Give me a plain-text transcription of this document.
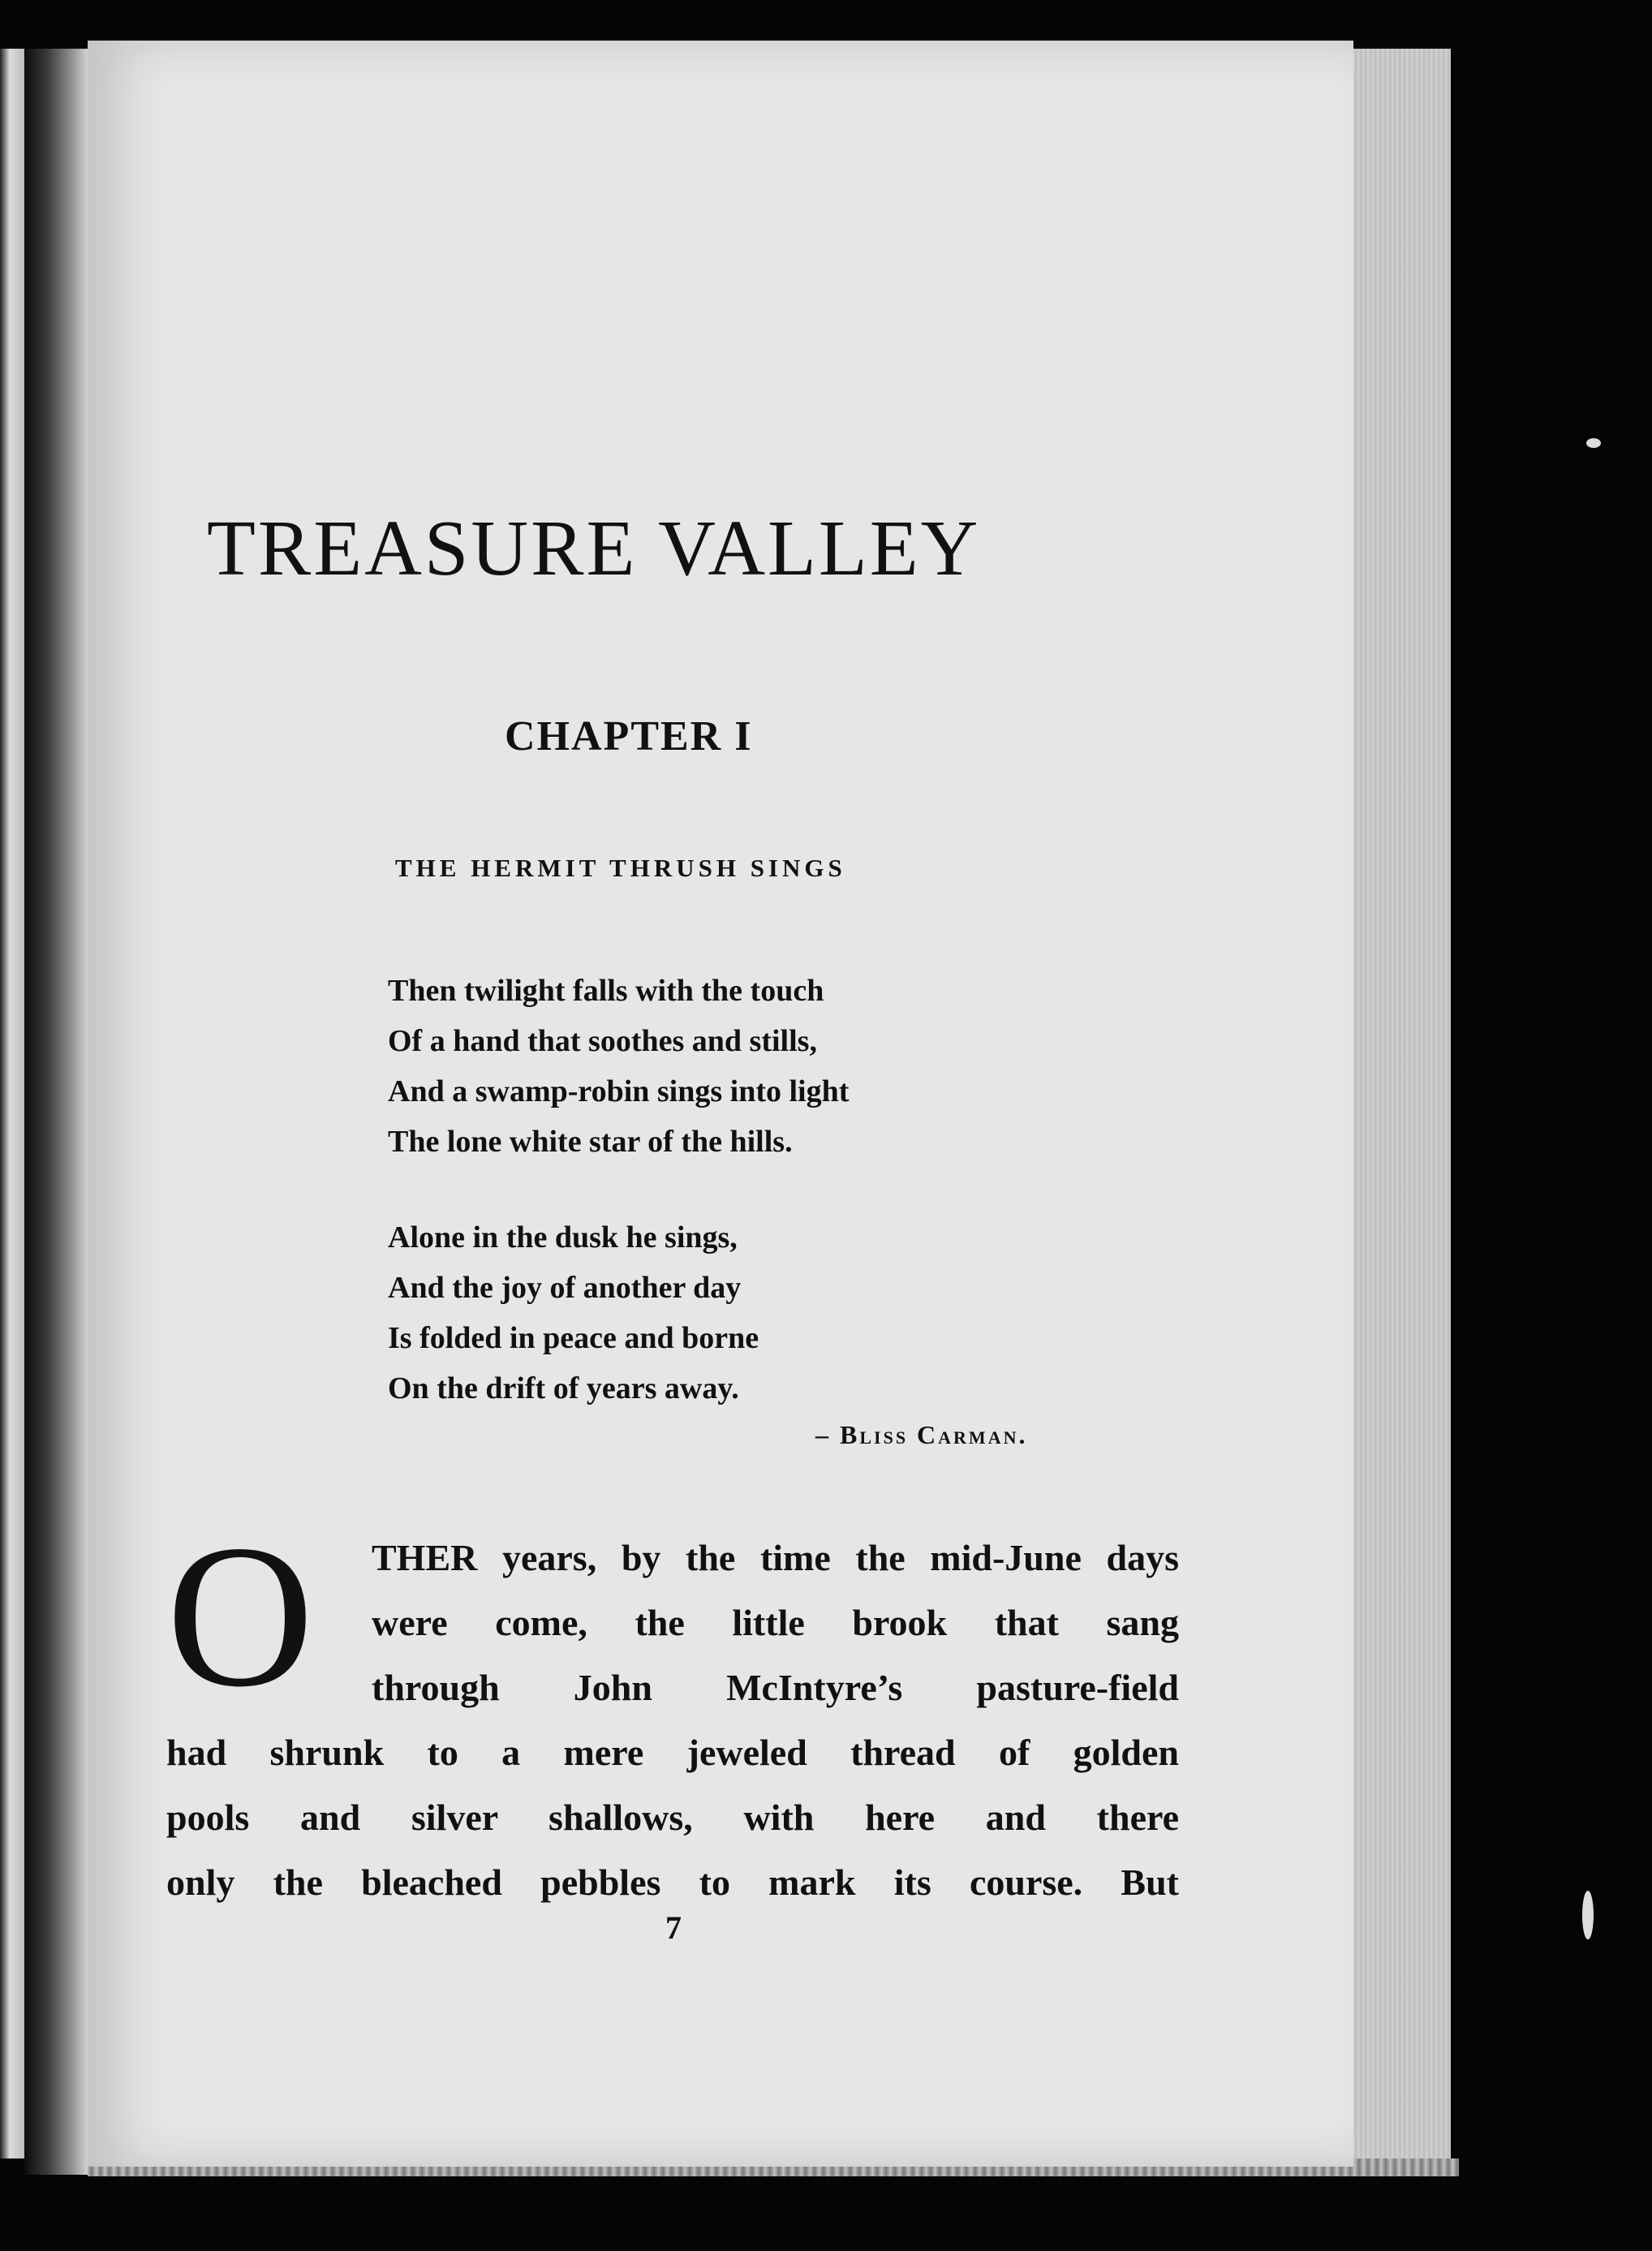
TREASURE VALLEY
CHAPTER I
THE HERMIT THRUSH SINGS
Then twilight falls with the touch
Of a hand that soothes and stills,
And a swamp-robin sings into light
The lone white star of the hills.
Alone in the dusk he sings,
And the joy of another day
Is folded in peace and borne
On the drift of years away.

– Bliss Carman.

O THER years, by the time the mid-June days
were come, the little brook that sang
through John McIntyre’s pasture-field
had shrunk to a mere jeweled thread of golden
pools and silver shallows, with here and there
only the bleached pebbles to mark its course. But

7
